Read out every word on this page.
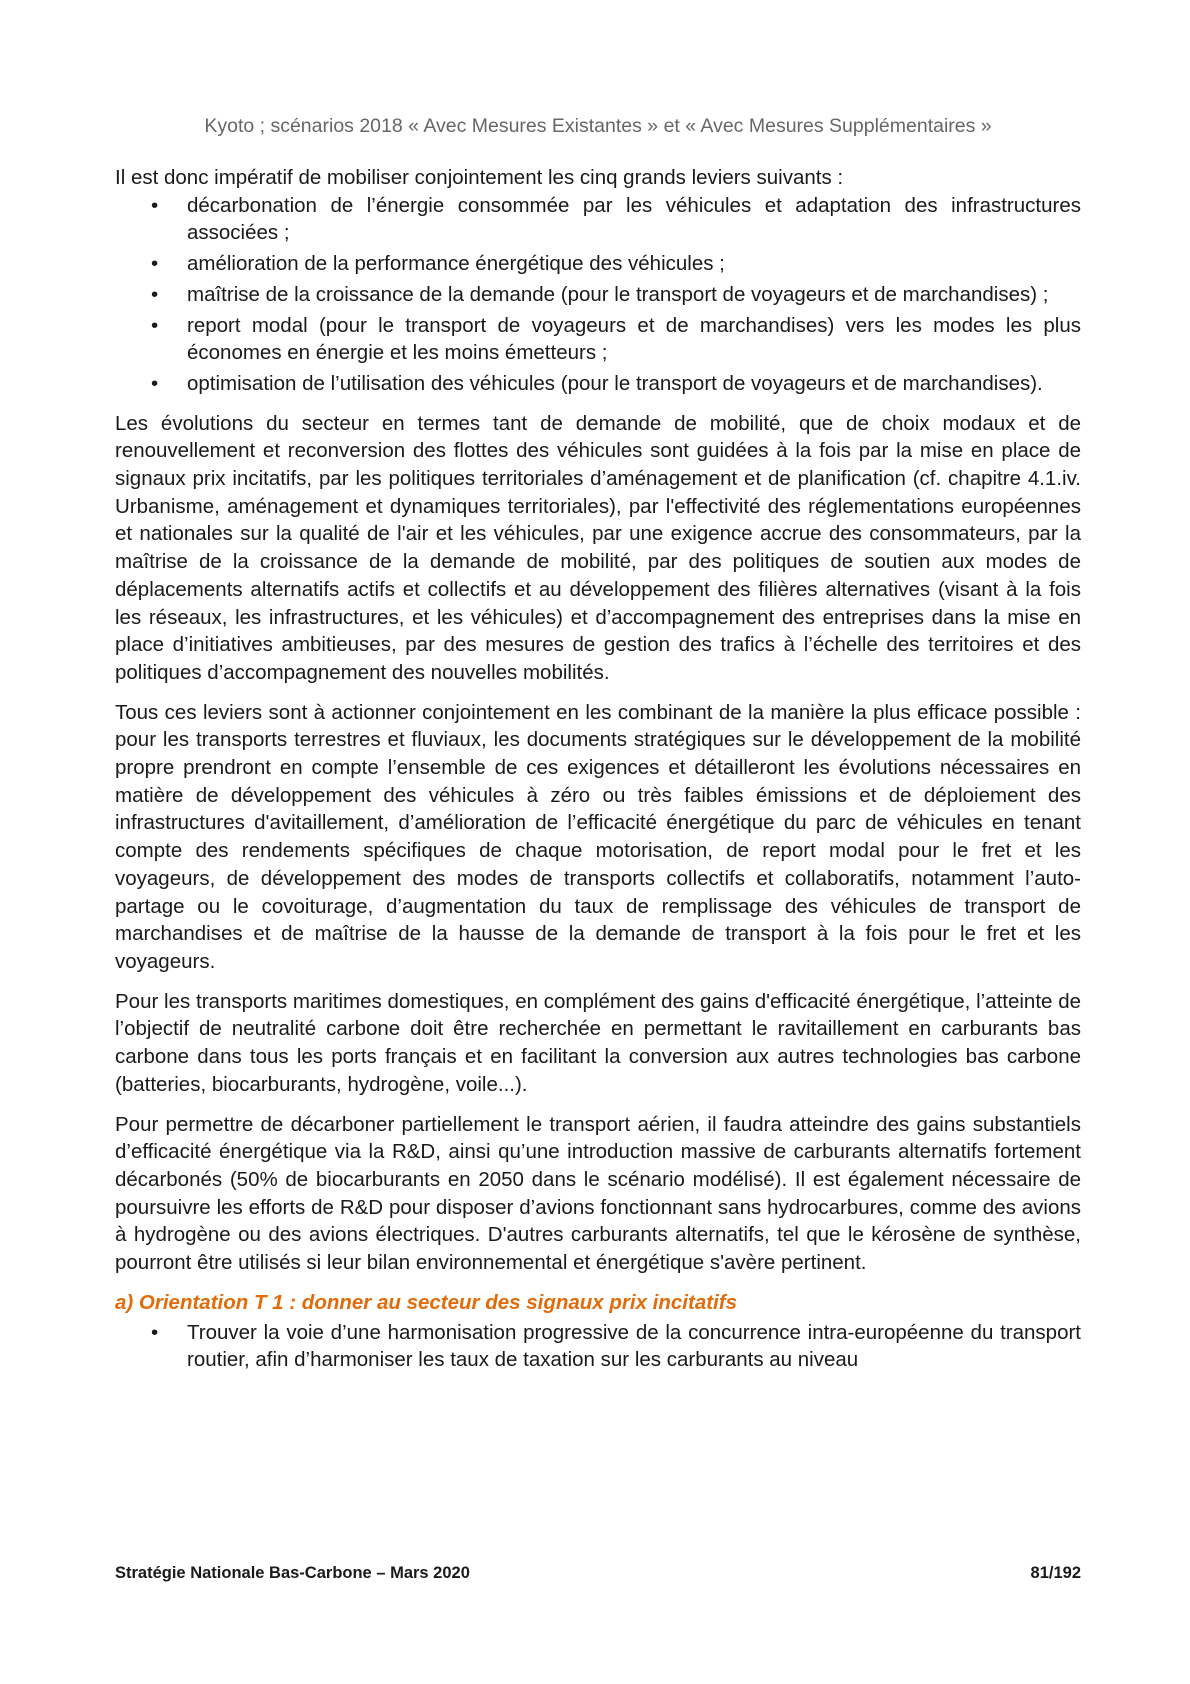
Kyoto ; scénarios 2018 « Avec Mesures Existantes » et « Avec Mesures Supplémentaires »

Il est donc impératif de mobiliser conjointement les cinq grands leviers suivants :

• décarbonation de l’énergie consommée par les véhicules et adaptation des infrastructures associées ;
• amélioration de la performance énergétique des véhicules ;
• maîtrise de la croissance de la demande (pour le transport de voyageurs et de marchandises) ;
• report modal (pour le transport de voyageurs et de marchandises) vers les modes les plus économes en énergie et les moins émetteurs ;
• optimisation de l’utilisation des véhicules (pour le transport de voyageurs et de marchandises).

Les évolutions du secteur en termes tant de demande de mobilité, que de choix modaux et de renouvellement et reconversion des flottes des véhicules sont guidées à la fois par la mise en place de signaux prix incitatifs, par les politiques territoriales d’aménagement et de planification (cf. chapitre 4.1.iv. Urbanisme, aménagement et dynamiques territoriales), par l'effectivité des réglementations européennes et nationales sur la qualité de l'air et les véhicules, par une exigence accrue des consommateurs, par la maîtrise de la croissance de la demande de mobilité, par des politiques de soutien aux modes de déplacements alternatifs actifs et collectifs et au développement des filières alternatives (visant à la fois les réseaux, les infrastructures, et les véhicules) et d’accompagnement des entreprises dans la mise en place d’initiatives ambitieuses, par des mesures de gestion des trafics à l’échelle des territoires et des politiques d’accompagnement des nouvelles mobilités.

Tous ces leviers sont à actionner conjointement en les combinant de la manière la plus efficace possible : pour les transports terrestres et fluviaux, les documents stratégiques sur le développement de la mobilité propre prendront en compte l’ensemble de ces exigences et détailleront les évolutions nécessaires en matière de développement des véhicules à zéro ou très faibles émissions et de déploiement des infrastructures d'avitaillement, d’amélioration de l’efficacité énergétique du parc de véhicules en tenant compte des rendements spécifiques de chaque motorisation, de report modal pour le fret et les voyageurs, de développement des modes de transports collectifs et collaboratifs, notamment l’auto-partage ou le covoiturage, d’augmentation du taux de remplissage des véhicules de transport de marchandises et de maîtrise de la hausse de la demande de transport à la fois pour le fret et les voyageurs.

Pour les transports maritimes domestiques, en complément des gains d'efficacité énergétique, l’atteinte de l’objectif de neutralité carbone doit être recherchée en permettant le ravitaillement en carburants bas carbone dans tous les ports français et en facilitant la conversion aux autres technologies bas carbone (batteries, biocarburants, hydrogène, voile...).

Pour permettre de décarboner partiellement le transport aérien, il faudra atteindre des gains substantiels d’efficacité énergétique via la R&D, ainsi qu’une introduction massive de carburants alternatifs fortement décarbonés (50% de biocarburants en 2050 dans le scénario modélisé). Il est également nécessaire de poursuivre les efforts de R&D pour disposer d’avions fonctionnant sans hydrocarbures, comme des avions à hydrogène ou des avions électriques. D'autres carburants alternatifs, tel que le kérosène de synthèse, pourront être utilisés si leur bilan environnemental et énergétique s'avère pertinent.

a) Orientation T 1 : donner au secteur des signaux prix incitatifs
• Trouver la voie d’une harmonisation progressive de la concurrence intra-européenne du transport routier, afin d’harmoniser les taux de taxation sur les carburants au niveau
Stratégie Nationale Bas-Carbone – Mars 2020	81/192
